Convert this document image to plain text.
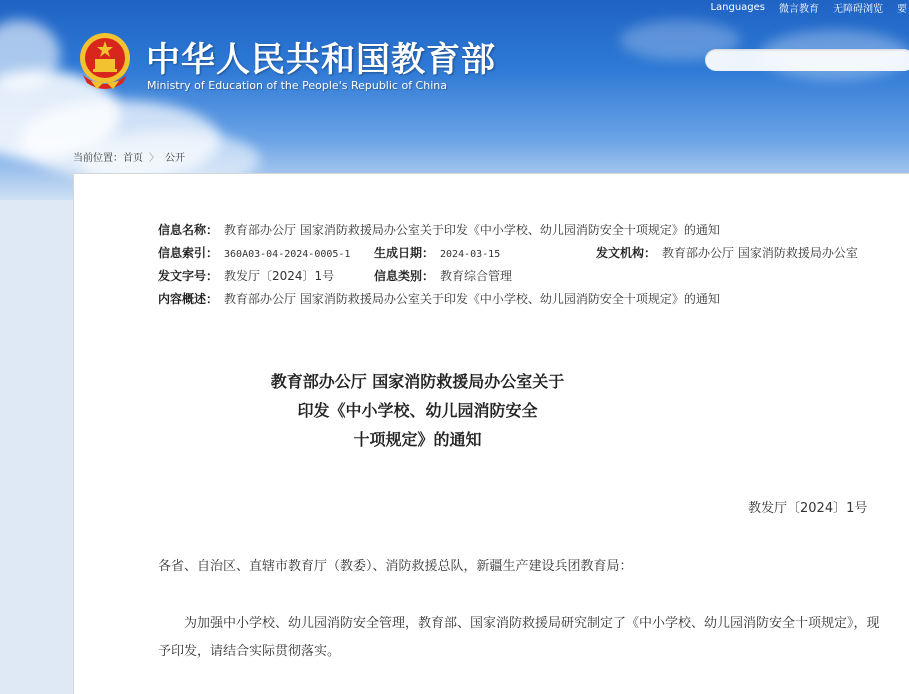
Languages 微言教育 无障碍浏览 要
中华人民共和国教育部
Ministry of Education of the People's Republic of China
当前位置： 首页 〉 公开
信息名称： 教育部办公厅 国家消防救援局办公室关于印发《中小学校、幼儿园消防安全十项规定》的通知
信息索引： 360A03-04-2024-0005-1 生成日期： 2024-03-15	发文机构： 教育部办公厅 国家消防救援局办公室
发文字号： 教发厅〔2024〕1号	信息类别： 教育综合管理
内容概述： 教育部办公厅 国家消防救援局办公室关于印发《中小学校、幼儿园消防安全十项规定》的通知
教育部办公厅 国家消防救援局办公室关于
印发《中小学校、幼儿园消防安全
十项规定》的通知
教发厅〔2024〕1号
各省、自治区、直辖市教育厅（教委）、消防救援总队，新疆生产建设兵团教育局：

为加强中小学校、幼儿园消防安全管理，教育部、国家消防救援局研究制定了《中小学校、幼儿园消防安全十项规定》，现予印发，请结合实际贯彻落实。
